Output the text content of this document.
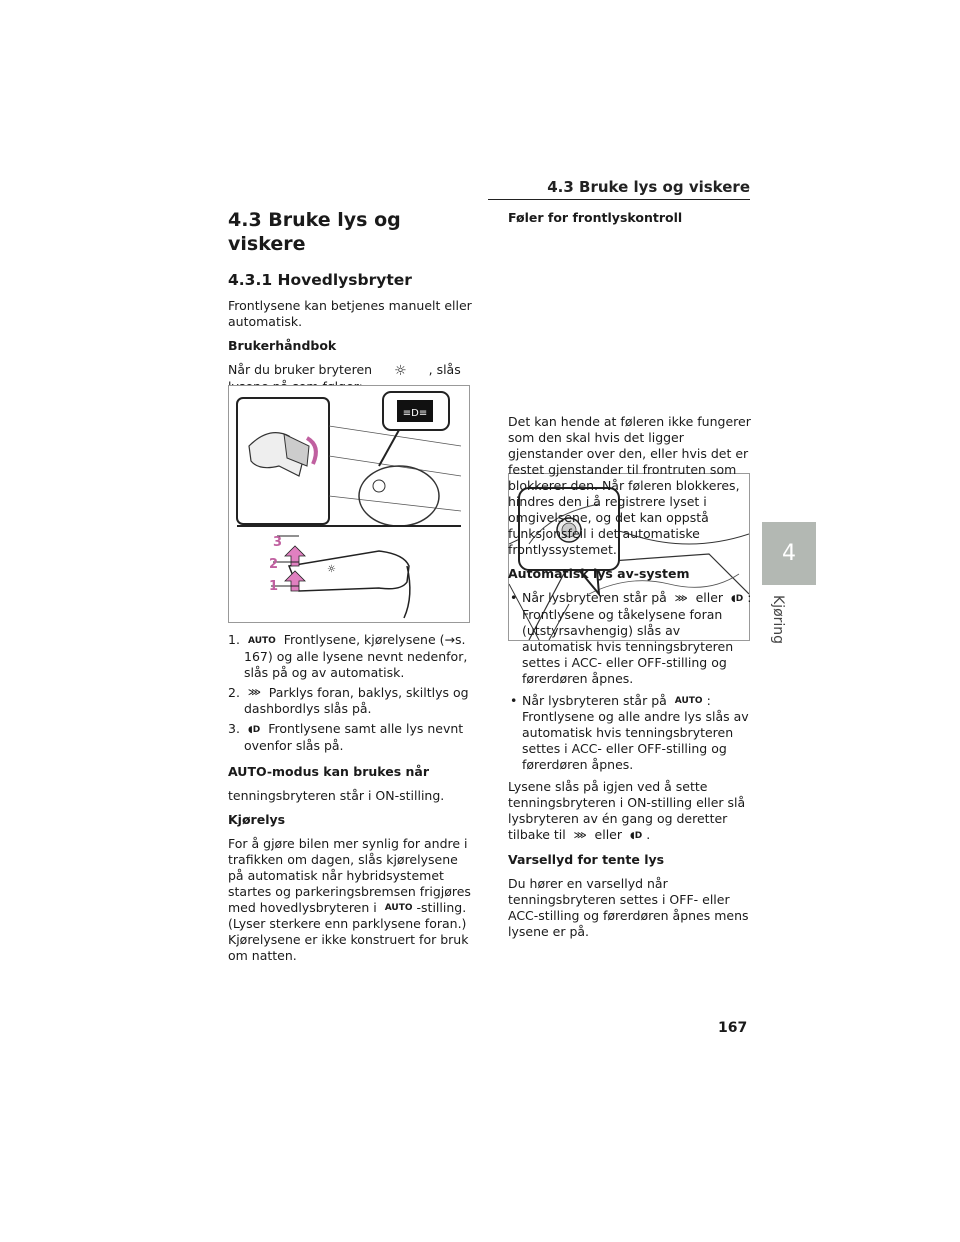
4.3 Bruke lys og viskere
4
Kjøring
4.3 Bruke lys og viskere
4.3.1 Hovedlysbryter

Frontlysene kan betjenes manuelt eller automatisk.

Brukerhåndbok

Når du bruker bryteren ☼ , slås

≡D≡
☼
3
2
1
1. AUTO Frontlysene, kjørelysene (→s. 167) og alle lysene nevnt nedenfor, slås på og av automatisk.
2. ⋙ Parklys foran, baklys, skiltlys og dashbordlys slås på.
3. ◖D Frontlysene samt alle lys nevnt ovenfor slås på.

AUTO-modus kan brukes når

tenningsbryteren står i ON-stilling.

Kjørelys

For å gjøre bilen mer synlig for andre i trafikken om dagen, slås kjørelysene på automatisk når hybridsystemet startes og parkeringsbremsen frigjøres med hovedlysbryteren i AUTO -stilling. (Lyser sterkere enn parklysene foran.) Kjørelysene er ikke konstruert for bruk om natten.

Føler for frontlyskontroll

Det kan hende at føleren ikke fungerer som den skal hvis det ligger gjenstander over den, eller hvis det er festet gjenstander til frontruten som blokkerer den. Når føleren blokkeres, hindres den i å registrere lyset i omgivelsene, og det kan oppstå funksjonsfeil i det automatiske frontlyssystemet.

Automatisk lys av-system

• Når lysbryteren står på ⋙ eller ◖D : Frontlysene og tåkelysene foran (utstyrsavhengig) slås av automatisk hvis tenningsbryteren settes i ACC- eller OFF-stilling og førerdøren åpnes.
• Når lysbryteren står på AUTO : Frontlysene og alle andre lys slås av automatisk hvis tenningsbryteren settes i ACC- eller OFF-stilling og førerdøren åpnes.

Lysene slås på igjen ved å sette tenningsbryteren i ON-stilling eller slå lysbryteren av én gang og deretter tilbake til ⋙ eller ◖D .

Varsellyd for tente lys

Du hører en varsellyd når tenningsbryteren settes i OFF- eller ACC-stilling og førerdøren åpnes mens lysene er på.

167
